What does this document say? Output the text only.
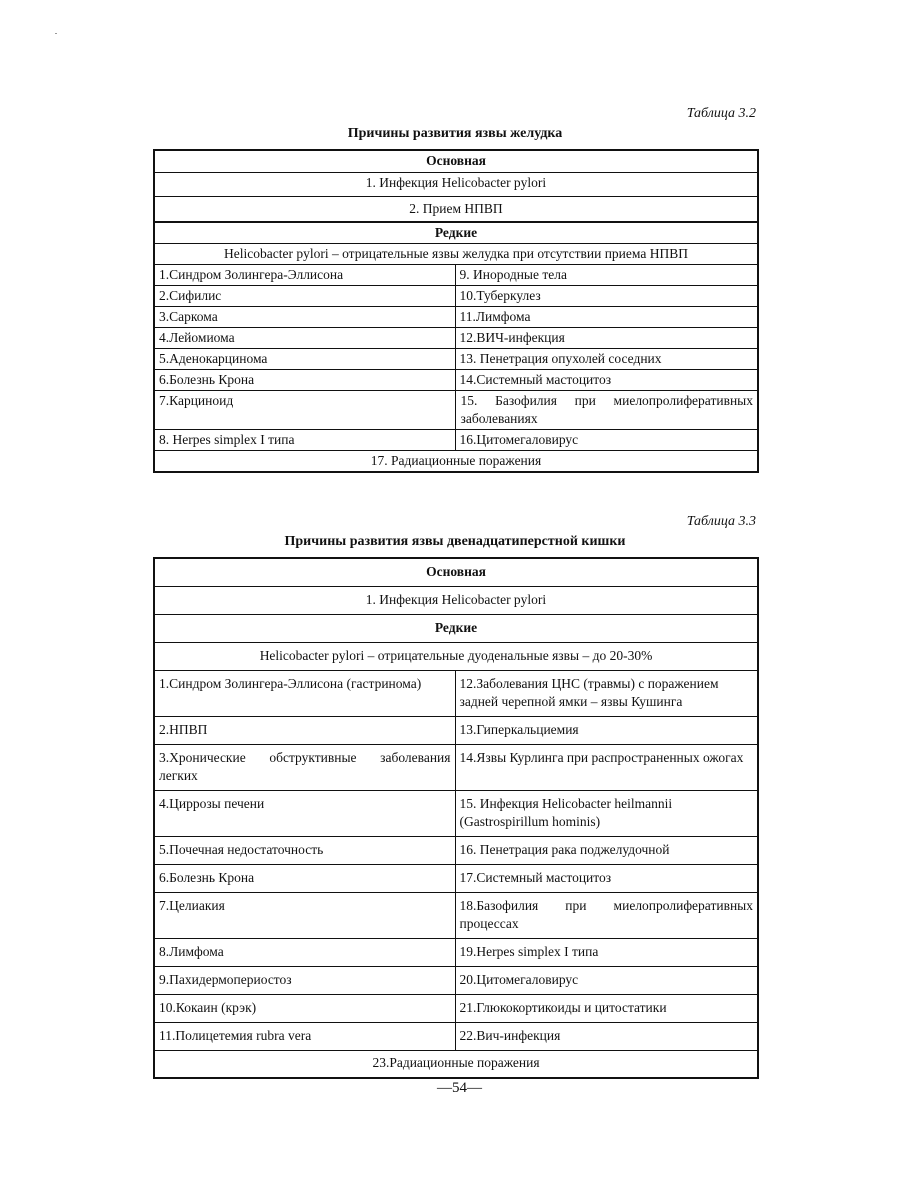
Таблица 3.2
Причины развития язвы желудка
Основная	
1. Инфекция Helicobacter pylori	
2. Прием НПВП	
Редкие	
Helicobacter pylori – отрицательные язвы желудка при отсутствии приема НПВП	
1.Синдром Золингера-Эллисона	9. Инородные тела
2.Сифилис	10.Туберкулез
3.Саркома	11.Лимфома
4.Лейомиома	12.ВИЧ-инфекция
5.Аденокарцинома	13. Пенетрация опухолей соседних
6.Болезнь Крона	14.Системный мастоцитоз
7.Карциноид	15. Базофилия при миелопролиферативных заболеваниях
8. Herpes simplex I типа	16.Цитомегаловирус
17. Радиационные поражения	
Таблица 3.3
Причины развития язвы двенадцатиперстной кишки
Основная	
1. Инфекция Helicobacter pylori	
Редкие	
Helicobacter pylori – отрицательные дуоденальные язвы – до 20-30%	
1.Синдром Золингера-Эллисона (гастринома)	12.Заболевания ЦНС (травмы) с поражением задней черепной ямки – язвы Кушинга
2.НПВП	13.Гиперкальциемия
3.Хронические обструктивные заболевания легких	14.Язвы Курлинга при распространенных ожогах
4.Циррозы печени	15. Инфекция Helicobacter heilmannii (Gastrospirillum hominis)
5.Почечная недостаточность	16. Пенетрация рака поджелудочной
6.Болезнь Крона	17.Системный мастоцитоз
7.Целиакия	18.Базофилия при миелопролиферативных процессах
8.Лимфома	19.Herpes simplex I типа
9.Пахидермопериостоз	20.Цитомегаловирус
10.Кокаин (крэк)	21.Глюкокортикоиды и цитостатики
11.Полицетемия rubra vera	22.Вич-инфекция
23.Радиационные поражения	
—54—
